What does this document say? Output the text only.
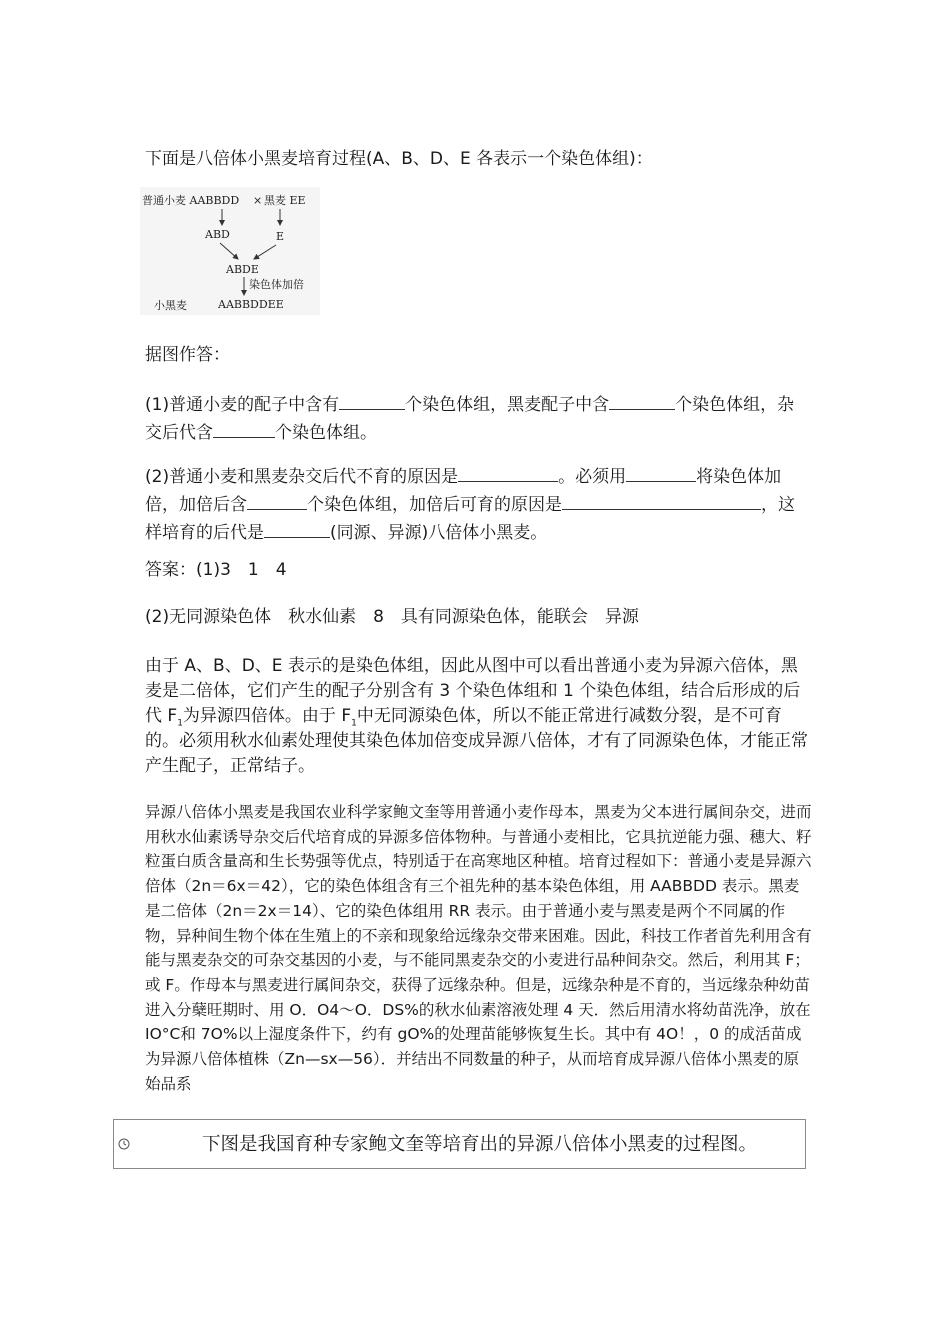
下面是八倍体小黑麦培育过程(A、B、D、E 各表示一个染色体组)：
普通小麦 AABBDD × 黑麦 EE
ABD	E
ABDE
染色体加倍
小黑麦	AABBDDEE
据图作答：
(1)普通小麦的配子中含有	个染色体组，黑麦配子中含	个染色体组，杂交后代含	个染色体组。
(2)普通小麦和黑麦杂交后代不育的原因是	。必须用	将染色体加倍，加倍后含	个染色体组，加倍后可育的原因是	，这样培育的后代是	(同源、异源)八倍体小黑麦。
答案：(1)3　1　4
(2)无同源染色体　秋水仙素　8　具有同源染色体，能联会　异源
由于 A、B、D、E 表示的是染色体组，因此从图中可以看出普通小麦为异源六倍体，黑麦是二倍体，它们产生的配子分别含有 3 个染色体组和 1 个染色体组，结合后形成的后代 $F_1$为异源四倍体。由于 $F_1$中无同源染色体，所以不能正常进行减数分裂，是不可育的。必须用秋水仙素处理使其染色体加倍变成异源八倍体，才有了同源染色体，才能正常产生配子，正常结子。
异源八倍体小黑麦是我国农业科学家鲍文奎等用普通小麦作母本，黑麦为父本进行属间杂交，进而用秋水仙素诱导杂交后代培育成的异源多倍体物种。与普通小麦相比，它具抗逆能力强、穗大、籽粒蛋白质含量高和生长势强等优点，特别适于在高寒地区种植。培育过程如下：普通小麦是异源六倍体（2n＝6x＝42），它的染色体组含有三个祖先种的基本染色体组，用 AABBDD 表示。黑麦是二倍体（2n＝2x＝14）、它的染色体组用 RR 表示。由于普通小麦与黑麦是两个不同属的作物，异种间生物个体在生殖上的不亲和现象给远缘杂交带来困难。因此，科技工作者首先利用含有能与黑麦杂交的可杂交基因的小麦，与不能同黑麦杂交的小麦进行品种间杂交。然后，利用其 F；或 F。作母本与黑麦进行属间杂交，获得了远缘杂种。但是，远缘杂种是不育的，当远缘杂种幼苗进入分蘖旺期时、用 O．O4～O．DS%的秋水仙素溶液处理 4 天．然后用清水将幼苗洗净，放在 IO°C和 7O%以上湿度条件下，约有 gO%的处理苗能够恢复生长。其中有 4O！，0 的成活苗成为异源八倍体植株（Zn—sx—56）．并结出不同数量的种子，从而培育成异源八倍体小黑麦的原始品系
下图是我国育种专家鲍文奎等培育出的异源八倍体小黑麦的过程图。
